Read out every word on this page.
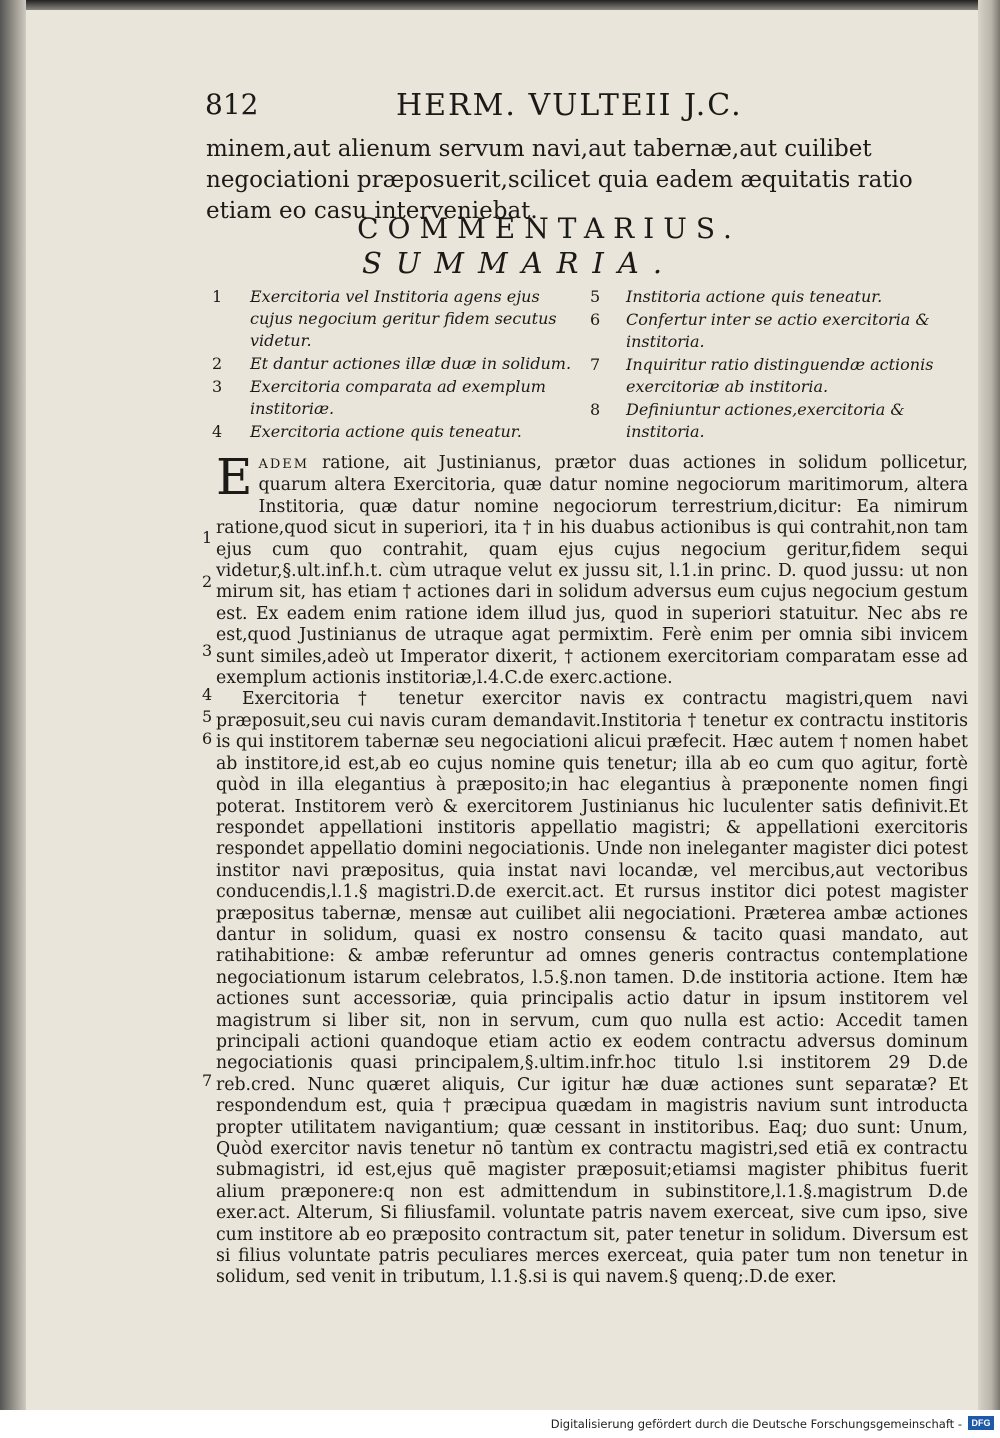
812	HERM. VULTEII J.C.
minem,aut alienum servum navi,aut tabernæ,aut cuilibet negociationi præposuerit,scilicet quia eadem æquitatis ratio etiam eo casu interveniebat.
COMMENTARIUS.
SUMMARIA.
1	Exercitoria vel Institoria agens ejus cujus negocium geritur fidem secutus videtur.
2	Et dantur actiones illæ duæ in solidum.
3	Exercitoria comparata ad exemplum institoriæ.
4	Exercitoria actione quis teneatur.
5	Institoria actione quis teneatur.
6	Confertur inter se actio exercitoria & institoria.
7	Inquiritur ratio distinguendæ actionis exercitoriæ ab institoria.
8	Definiuntur actiones,exercitoria & institoria.

EADEM ratione, ait Justinianus, prætor duas actiones in solidum pollicetur, quarum altera Exercitoria, quæ datur nomine negociorum maritimorum, altera Institoria, quæ datur nomine negociorum terrestrium,dicitur: Ea nimirum ratione,quod sicut in superiori, ita † in his duabus actionibus is qui contrahit,non tam ejus cum quo contrahit, quam ejus cujus negocium geritur,fidem sequi videtur,§.ult.inf.h.t. cùm utraque velut ex jussu sit, l.1.in princ. D. quod jussu: ut non mirum sit, has etiam † actiones dari in solidum adversus eum cujus negocium gestum est. Ex eadem enim ratione idem illud jus, quod in superiori statuitur. Nec abs re est,quod Justinianus de utraque agat permixtim. Ferè enim per omnia sibi invicem sunt similes,adeò ut Imperator dixerit, † actionem exercitoriam comparatam esse ad exemplum actionis institoriæ,l.4.C.de exerc.actione.

Exercitoria † tenetur exercitor navis ex contractu magistri,quem navi præposuit,seu cui navis curam demandavit.Institoria † tenetur ex contractu institoris is qui institorem tabernæ seu negociationi alicui præfecit. Hæc autem † nomen habet ab institore,id est,ab eo cujus nomine quis tenetur; illa ab eo cum quo agitur, fortè quòd in illa elegantius à præposito;in hac elegantius à præponente nomen fingi poterat. Institorem verò & exercitorem Justinianus hic luculenter satis definivit.Et respondet appellationi institoris appellatio magistri; & appellationi exercitoris respondet appellatio domini negociationis. Unde non ineleganter magister dici potest institor navi præpositus, quia instat navi locandæ, vel mercibus,aut vectoribus conducendis,l.1.§ magistri.D.de exercit.act. Et rursus institor dici potest magister præpositus tabernæ, mensæ aut cuilibet alii negociationi. Præterea ambæ actiones dantur in solidum, quasi ex nostro consensu & tacito quasi mandato, aut ratihabitione: & ambæ referuntur ad omnes generis contractus contemplatione negociationum istarum celebratos, l.5.§.non tamen. D.de institoria actione. Item hæ actiones sunt accessoriæ, quia principalis actio datur in ipsum institorem vel magistrum si liber sit, non in servum, cum quo nulla est actio: Accedit tamen principali actioni quandoque etiam actio ex eodem contractu adversus dominum negociationis quasi principalem,§.ultim.infr.hoc titulo l.si institorem 29 D.de reb.cred. Nunc quæret aliquis, Cur igitur hæ duæ actiones sunt separatæ? Et respondendum est, quia † præcipua quædam in magistris navium sunt introducta propter utilitatem navigantium; quæ cessant in institoribus. Eaq; duo sunt: Unum, Quòd exercitor navis tenetur nō tantùm ex contractu magistri,sed etiā ex contractu submagistri, id est,ejus quē magister præposuit;etiamsi magister phibitus fuerit alium præponere:q non est admittendum in subinstitore,l.1.§.magistrum D.de exer.act. Alterum, Si filiusfamil. voluntate patris navem exerceat, sive cum ipso, sive cum institore ab eo præposito contractum sit, pater tenetur in solidum. Diversum est si filius voluntate patris peculiares merces exerceat, quia pater tum non tenetur in solidum, sed venit in tributum, l.1.§.si is qui navem.§ quenq;.D.de exer.

1
2
3
4
5
6
7
Digitalisierung gefördert durch die Deutsche Forschungsgemeinschaft -	DFG
